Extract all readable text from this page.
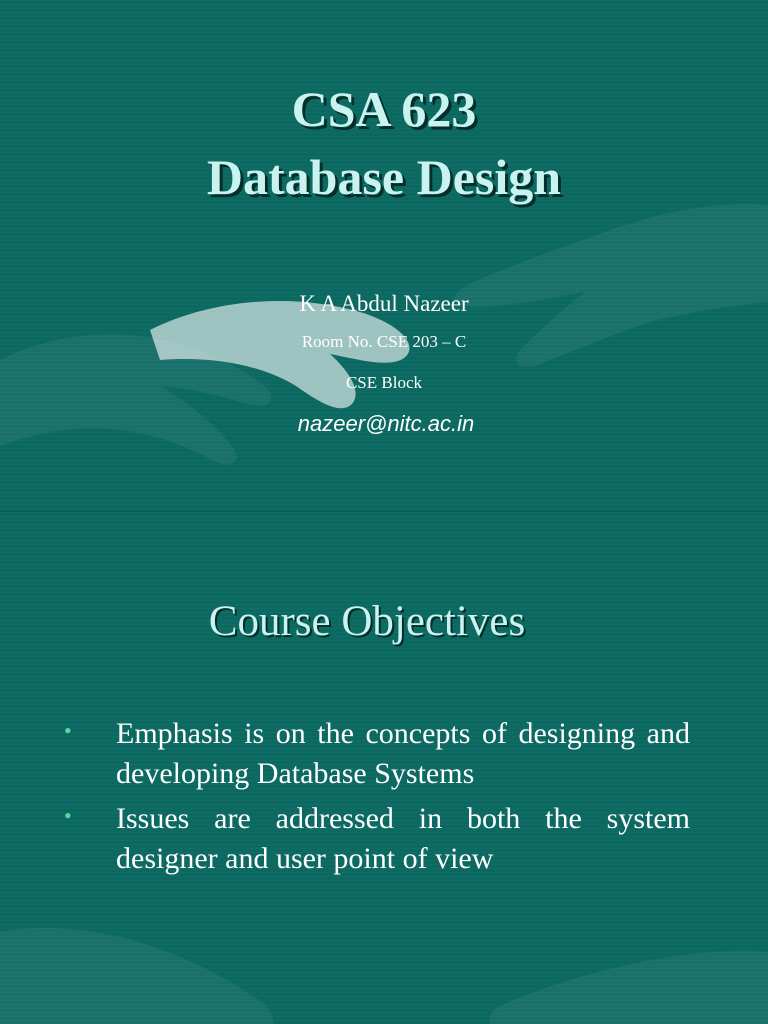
CSA 623
Database Design
K A Abdul Nazeer
Room No. CSE 203 – C
CSE Block
nazeer@nitc.ac.in
Course Objectives
• Emphasis is on the concepts of designing and developing Database Systems
• Issues are addressed in both the system designer and user point of view
